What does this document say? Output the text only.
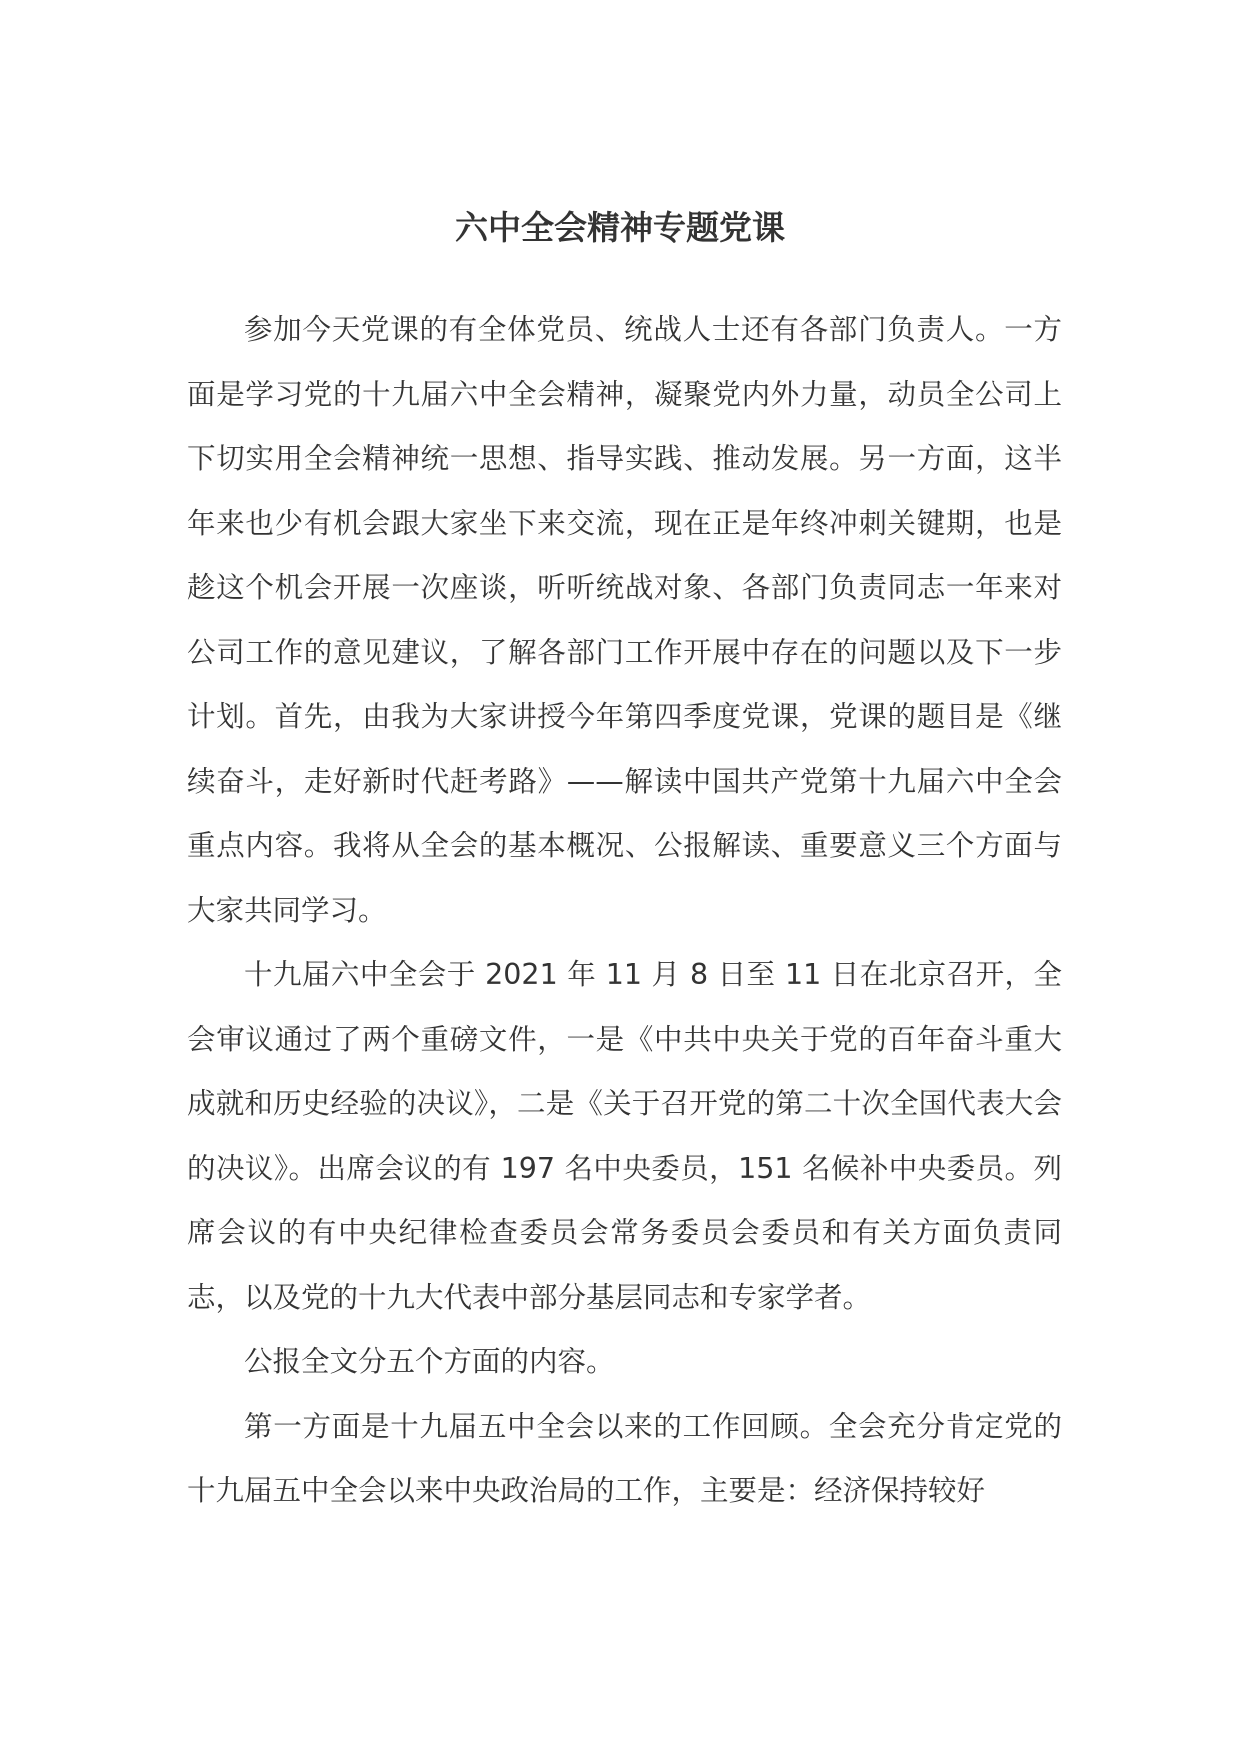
六中全会精神专题党课

参加今天党课的有全体党员、统战人士还有各部门负责人。一方面是学习党的十九届六中全会精神，凝聚党内外力量，动员全公司上下切实用全会精神统一思想、指导实践、推动发展。另一方面，这半年来也少有机会跟大家坐下来交流，现在正是年终冲刺关键期，也是趁这个机会开展一次座谈，听听统战对象、各部门负责同志一年来对公司工作的意见建议，了解各部门工作开展中存在的问题以及下一步计划。首先，由我为大家讲授今年第四季度党课，党课的题目是《继续奋斗，走好新时代赶考路》——解读中国共产党第十九届六中全会重点内容。我将从全会的基本概况、公报解读、重要意义三个方面与大家共同学习。

十九届六中全会于 2021 年 11 月 8 日至 11 日在北京召开，全会审议通过了两个重磅文件，一是《中共中央关于党的百年奋斗重大成就和历史经验的决议》，二是《关于召开党的第二十次全国代表大会的决议》。出席会议的有 197 名中央委员，151 名候补中央委员。列席会议的有中央纪律检查委员会常务委员会委员和有关方面负责同志，以及党的十九大代表中部分基层同志和专家学者。

公报全文分五个方面的内容。

第一方面是十九届五中全会以来的工作回顾。全会充分肯定党的十九届五中全会以来中央政治局的工作，主要是：经济保持较好
